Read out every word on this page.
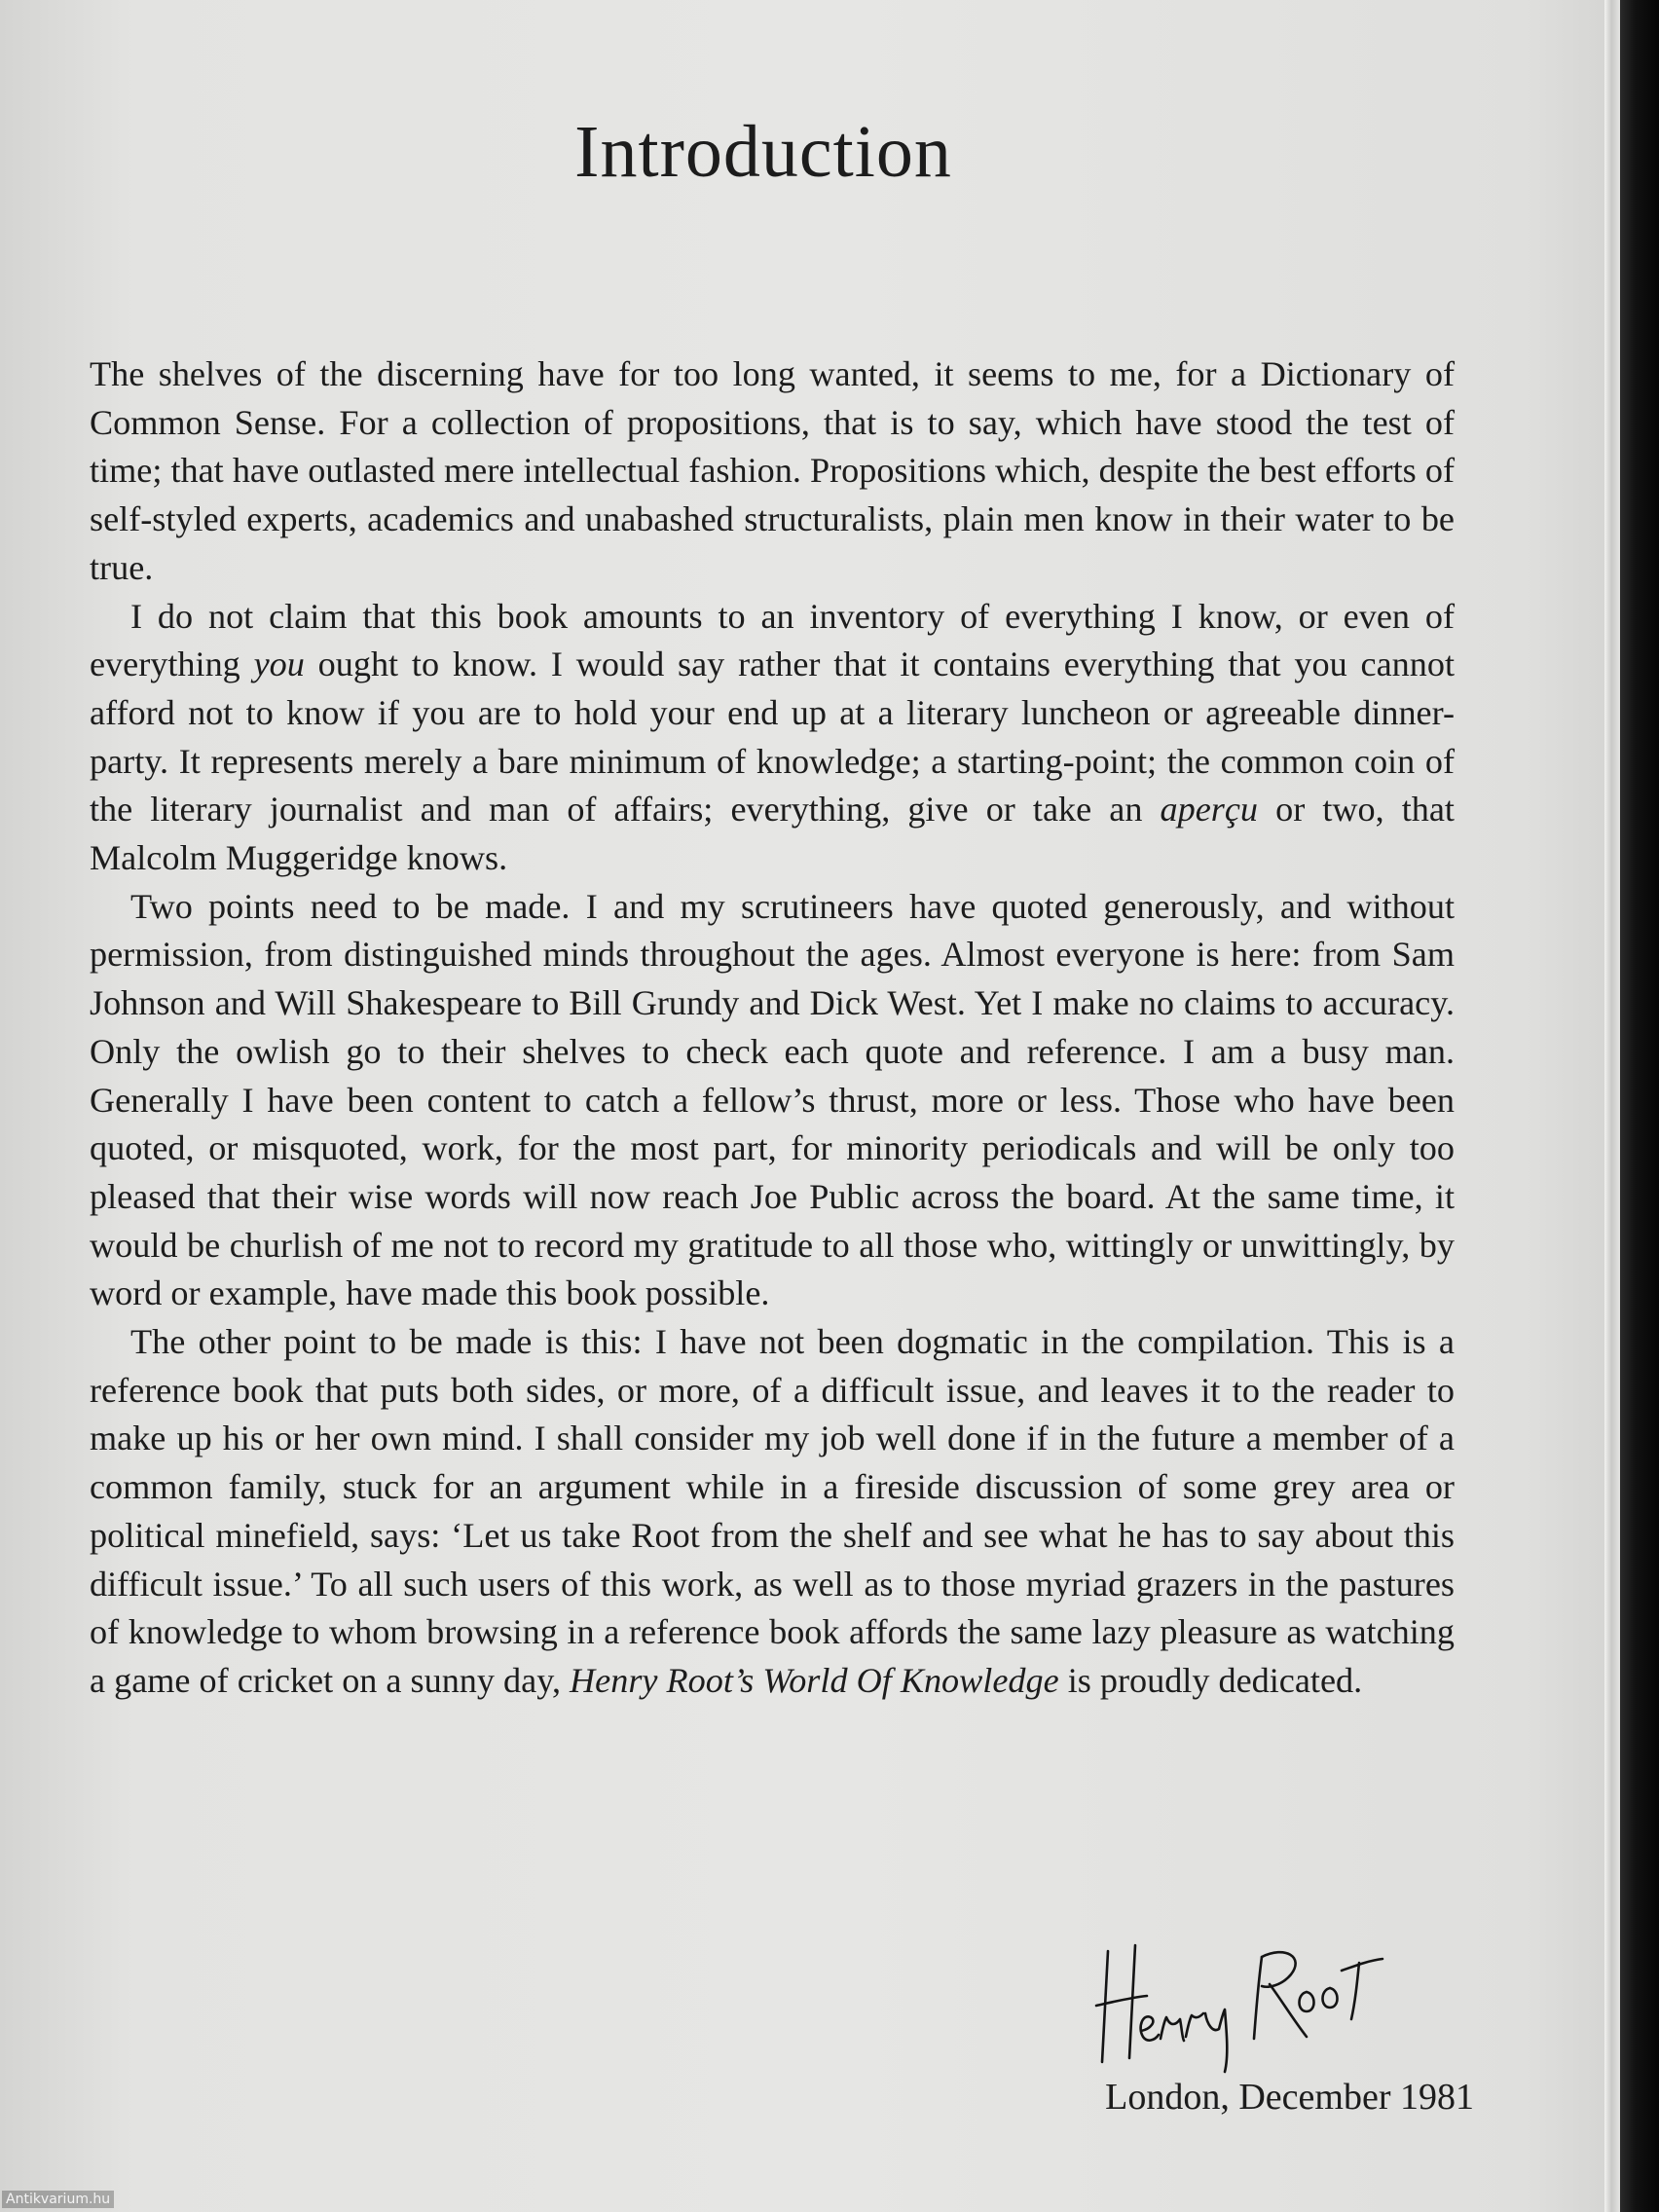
Introduction

The shelves of the discerning have for too long wanted, it seems to me, for a Dictionary of Common Sense. For a collection of propositions, that is to say, which have stood the test of time; that have outlasted mere intellectual fashion. Propositions which, despite the best efforts of self-styled experts, academics and unabashed structuralists, plain men know in their water to be true.

I do not claim that this book amounts to an inventory of everything I know, or even of everything you ought to know. I would say rather that it contains everything that you cannot afford not to know if you are to hold your end up at a literary luncheon or agreeable dinner-party. It represents merely a bare minimum of knowledge; a starting-point; the common coin of the literary journalist and man of affairs; everything, give or take an aperçu or two, that Malcolm Muggeridge knows.

Two points need to be made. I and my scrutineers have quoted generously, and without permission, from distinguished minds throughout the ages. Almost everyone is here: from Sam Johnson and Will Shakespeare to Bill Grundy and Dick West. Yet I make no claims to accuracy. Only the owlish go to their shelves to check each quote and reference. I am a busy man. Generally I have been content to catch a fellow’s thrust, more or less. Those who have been quoted, or misquoted, work, for the most part, for minority periodicals and will be only too pleased that their wise words will now reach Joe Public across the board. At the same time, it would be churlish of me not to record my gratitude to all those who, wittingly or unwittingly, by word or example, have made this book possible.

The other point to be made is this: I have not been dogmatic in the compilation. This is a reference book that puts both sides, or more, of a difficult issue, and leaves it to the reader to make up his or her own mind. I shall consider my job well done if in the future a member of a common family, stuck for an argument while in a fireside discussion of some grey area or political minefield, says: ‘Let us take Root from the shelf and see what he has to say about this difficult issue.’ To all such users of this work, as well as to those myriad grazers in the pastures of knowledge to whom browsing in a reference book affords the same lazy pleasure as watching a game of cricket on a sunny day, Henry Root’s World Of Knowledge is proudly dedicated.

London, December 1981
Antikvarium.hu
